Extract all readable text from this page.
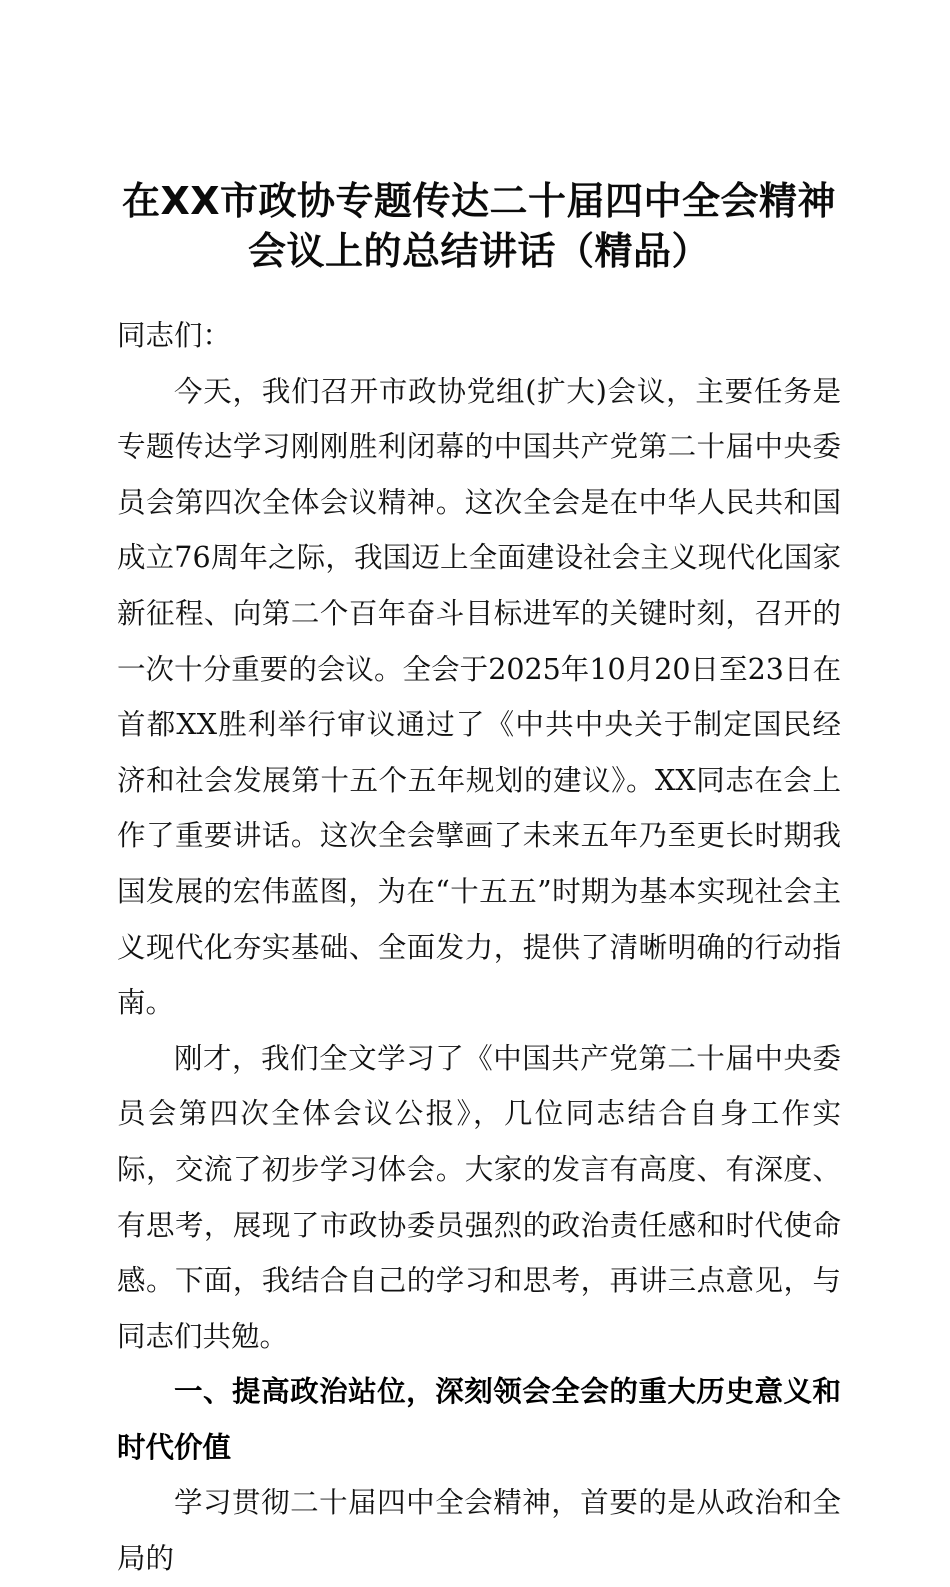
在XX市政协专题传达二十届四中全会精神会议上的总结讲话（精品）

同志们：

今天，我们召开市政协党组(扩大)会议，主要任务是专题传达学习刚刚胜利闭幕的中国共产党第二十届中央委员会第四次全体会议精神。这次全会是在中华人民共和国成立76周年之际，我国迈上全面建设社会主义现代化国家新征程、向第二个百年奋斗目标进军的关键时刻，召开的一次十分重要的会议。全会于2025年10月20日至23日在首都XX胜利举行审议通过了《中共中央关于制定国民经济和社会发展第十五个五年规划的建议》。XX同志在会上作了重要讲话。这次全会擘画了未来五年乃至更长时期我国发展的宏伟蓝图，为在“十五五”时期为基本实现社会主义现代化夯实基础、全面发力，提供了清晰明确的行动指南。

刚才，我们全文学习了《中国共产党第二十届中央委员会第四次全体会议公报》，几位同志结合自身工作实际，交流了初步学习体会。大家的发言有高度、有深度、有思考，展现了市政协委员强烈的政治责任感和时代使命感。下面，我结合自己的学习和思考，再讲三点意见，与同志们共勉。

一、提高政治站位，深刻领会全会的重大历史意义和时代价值

学习贯彻二十届四中全会精神，首要的是从政治和全局的
